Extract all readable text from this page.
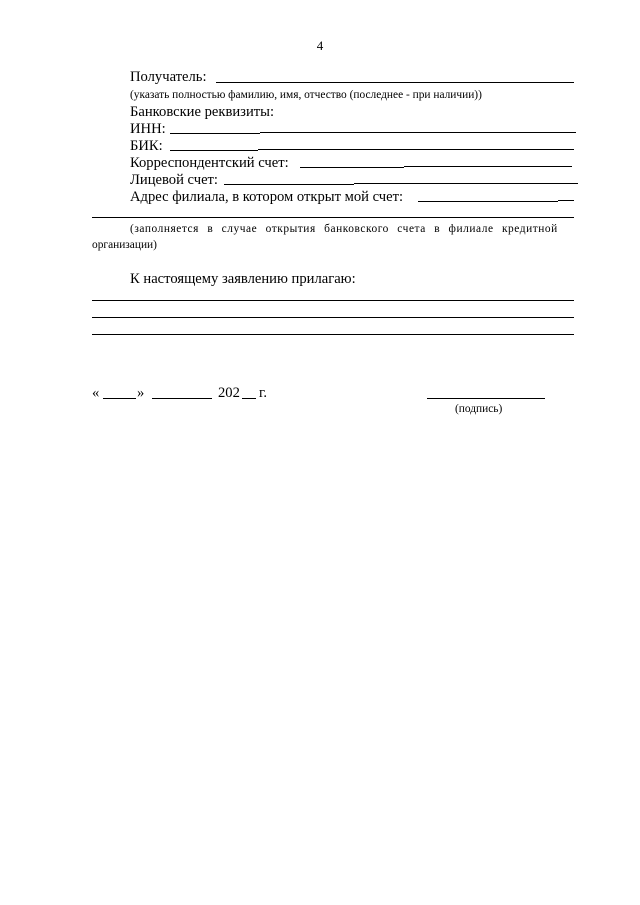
4
Получатель:
(указать полностью фамилию, имя, отчество (последнее - при наличии))
Банковские реквизиты:
ИНН:
БИК:
Корреспондентский счет:
Лицевой счет:
Адрес филиала, в котором открыт мой счет:
(заполняется в случае открытия банковского счета в филиале кредитной
организации)
К настоящему заявлению прилагаю:
«	»	202 г.
(подпись)
